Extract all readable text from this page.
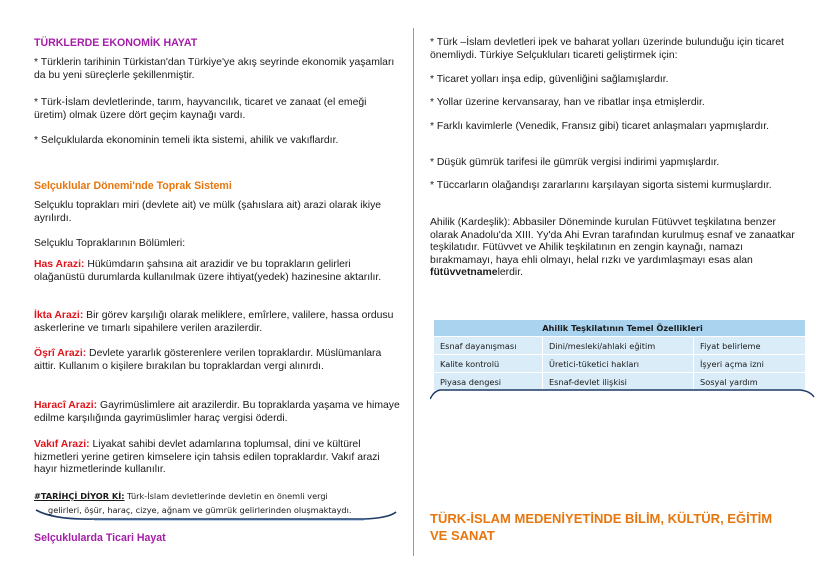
TÜRKLERDE EKONOMİK HAYAT

* Türklerin tarihinin Türkistan'dan Türkiye'ye akış seyrinde ekonomik yaşamları da bu yeni süreçlerle şekillenmiştir.

* Türk-İslam devletlerinde, tarım, hayvancılık, ticaret ve zanaat (el emeği üretim) olmak üzere dört geçim kaynağı vardı.

* Selçuklularda ekonominin temeli ikta sistemi, ahilik ve vakıflardır.

Selçuklular Dönemi'nde Toprak Sistemi

Selçuklu toprakları miri (devlete ait) ve mülk (şahıslara ait) arazi olarak ikiye ayrılırdı.

Selçuklu Topraklarının Bölümleri:

Has Arazi: Hükümdarın şahsına ait arazidir ve bu toprakların gelirleri olağanüstü durumlarda kullanılmak üzere ihtiyat(yedek) hazinesine aktarılır.

İkta Arazi: Bir görev karşılığı olarak meliklere, emîrlere, valilere, hassa ordusu askerlerine ve tımarlı sipahilere verilen arazilerdir.

Öşrî Arazi: Devlete yararlık gösterenlere verilen topraklardır. Müslümanlara aittir. Kullanım o kişilere bırakılan bu topraklardan vergi alınırdı.

Haracî Arazi: Gayrimüslimlere ait arazilerdir. Bu topraklarda yaşama ve himaye edilme karşılığında gayrimüslimler haraç vergisi öderdi.

Vakıf Arazi: Liyakat sahibi devlet adamlarına toplumsal, dini ve kültürel hizmetleri yerine getiren kimselere için tahsis edilen topraklardır. Vakıf arazi hayır hizmetlerinde kullanılır.

#TARİHÇİ DİYOR Kİ: Türk-İslam devletlerinde devletin en önemli vergi
gelirleri, öşür, haraç, cizye, ağnam ve gümrük gelirlerinden oluşmaktaydı.

Selçuklularda Ticari Hayat

* Türk –İslam devletleri ipek ve baharat yolları üzerinde bulunduğu için ticaret önemliydi. Türkiye Selçukluları ticareti geliştirmek için:

* Ticaret yolları inşa edip, güvenliğini sağlamışlardır.

* Yollar üzerine kervansaray, han ve ribatlar inşa etmişlerdir.

* Farklı kavimlerle (Venedik, Fransız gibi) ticaret anlaşmaları yapmışlardır.

* Düşük gümrük tarifesi ile gümrük vergisi indirimi yapmışlardır.

* Tüccarların olağandışı zararlarını karşılayan sigorta sistemi kurmuşlardır.

Ahilik (Kardeşlik): Abbasiler Döneminde kurulan Fütüvvet teşkilatına benzer olarak Anadolu'da XIII. Yy'da Ahi Evran tarafından kurulmuş esnaf ve zanaatkar teşkilatıdır. Fütüvvet ve Ahilik teşkilatının en zengin kaynağı, namazı bırakmamayı, haya ehli olmayı, helal rızkı ve yardımlaşmayı esas alan fütüvvetnamelerdir.

Ahilik Teşkilatının Temel Özellikleri		
Esnaf dayanışması	Dini/mesleki/ahlaki eğitim	Fiyat belirleme
Kalite kontrolü	Üretici-tüketici hakları	İşyeri açma izni
Piyasa dengesi	Esnaf-devlet ilişkisi	Sosyal yardım
TÜRK-İSLAM MEDENİYETİNDE BİLİM, KÜLTÜR, EĞİTİM VE SANAT
